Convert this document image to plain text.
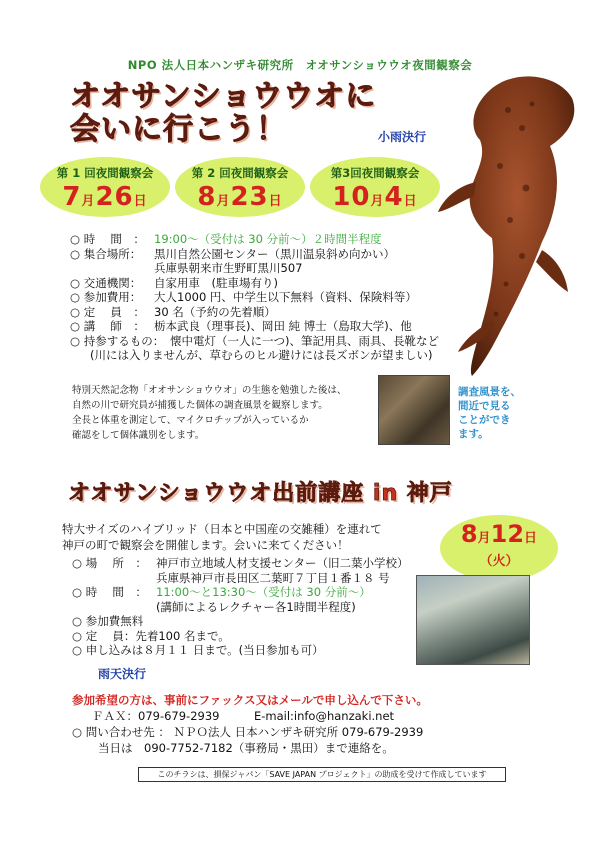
NPO 法人日本ハンザキ研究所　オオサンショウウオ夜間観察会
オオサンショウウオに
会いに行こう！	小雨決行
第 1 回夜間観察会
7月26日
第 2 回夜間観察会
8月23日
第3回夜間観察会
10月4日
○ 時　 間　： 19:00～（受付は 30 分前～）２時間半程度
○ 集合場所： 黒川自然公園センター（黒川温泉斜め向かい）
兵庫県朝来市生野町黒川507
○ 交通機関： 自家用車　(駐車場有り)
○ 参加費用： 大人1000 円、中学生以下無料（資料、保険料等）
○ 定　 員　： 30 名（予約の先着順）
○ 講　 師　： 栃本武良（理事長)、岡田 純 博士（島取大学)、他
○ 持参するもの： 懐中電灯（一人に一つ)、筆記用具、雨具、長靴など
(川には入りませんが、草むらのヒル避けには長ズボンが望ましい)
特別天然記念物「オオサンショウウオ」の生態を勉強した後は、
自然の川で研究員が捕獲した個体の調査風景を観察します。
全長と体重を測定して、マイクロチップが入っているか
確認をして個体識別をします。
調査風景を、
間近で見る
ことができ
ます。
オオサンショウウオ出前講座 in 神戸
8月12日
（火）
特大サイズのハイブリッド（日本と中国産の交雑種）を連れて
神戸の町で観察会を開催します。会いに来てください！
○ 場　 所　： 神戸市立地域人材支援センター（旧二葉小学校）
兵庫県神戸市長田区二葉町７丁目１番１８ 号
○ 時　 間　： 11:00～と13:30～（受付は 30 分前～）
(講師によるレクチャー各1時間半程度)
○ 参加費無料
○ 定　 員：先着100 名まで。
○ 申し込みは８月１１ 日まで。(当日参加も可）
雨天決行
参加希望の方は、事前にファックス又はメールで申し込んで下さい。
ＦＡＸ：079-679-2939　　　E-mail:info@hanzaki.net
○ 問い合わせ先 ： ＮＰＯ法人 日本ハンザキ研究所 079-679-2939
当日は　090-7752-7182（事務局・黒田）まで連絡を。
このチラシは、損保ジャパン「SAVE JAPAN プロジェクト」の助成を受けて作成しています
